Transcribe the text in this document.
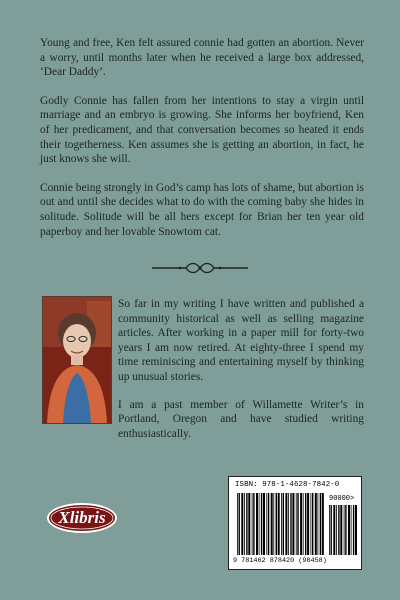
Young and free, Ken felt assured connie had gotten an abortion. Never a worry, until months later when he received a large box addressed, ‘Dear Daddy’.

Godly Connie has fallen from her intentions to stay a virgin until marriage and an embryo is growing. She informs her boyfriend, Ken of her predicament, and that conversation becomes so heated it ends their togetherness. Ken assumes she is getting an abortion, in fact, he just knows she will.

Connie being strongly in God’s camp has lots of shame, but abortion is out and until she decides what to do with the coming baby she hides in solitude. Solitude will be all hers except for Brian her ten year old paperboy and her lovable Snowtom cat.

So far in my writing I have written and published a community historical as well as selling magazine articles. After working in a paper mill for forty-two years I am now retired. At eighty-three I spend my time reminiscing and entertaining myself by thinking up unusual stories.

I am a past member of Willamette Writer’s in Portland, Oregon and have studied writing enthusiastically.

Xlibris
ISBN: 978-1-4628-7842-0
90000>
9 781462 878420 (98458)
